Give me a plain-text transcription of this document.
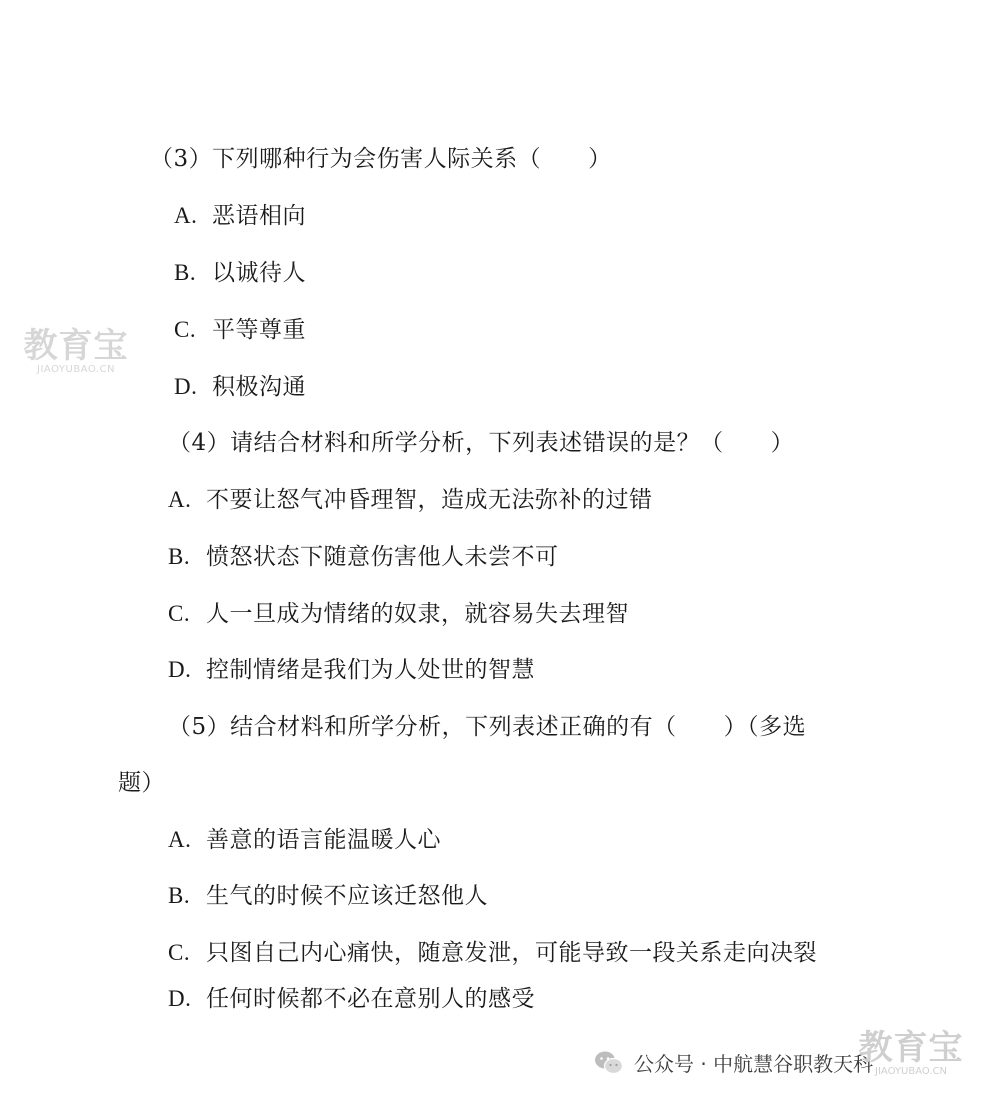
（3）下列哪种行为会伤害人际关系（　　）
A. 恶语相向
B. 以诚待人
C. 平等尊重
D. 积极沟通
（4）请结合材料和所学分析，下列表述错误的是？（　　）
A. 不要让怒气冲昏理智，造成无法弥补的过错
B. 愤怒状态下随意伤害他人未尝不可
C. 人一旦成为情绪的奴隶，就容易失去理智
D. 控制情绪是我们为人处世的智慧
（5）结合材料和所学分析，下列表述正确的有（　　）（多选
题）
A. 善意的语言能温暖人心
B. 生气的时候不应该迁怒他人
C. 只图自己内心痛快，随意发泄，可能导致一段关系走向决裂
D. 任何时候都不必在意别人的感受
教育宝
JIAOYUBAO.CN
公众号 · 中航慧谷职教天科
教育宝
JIAOYUBAO.CN
